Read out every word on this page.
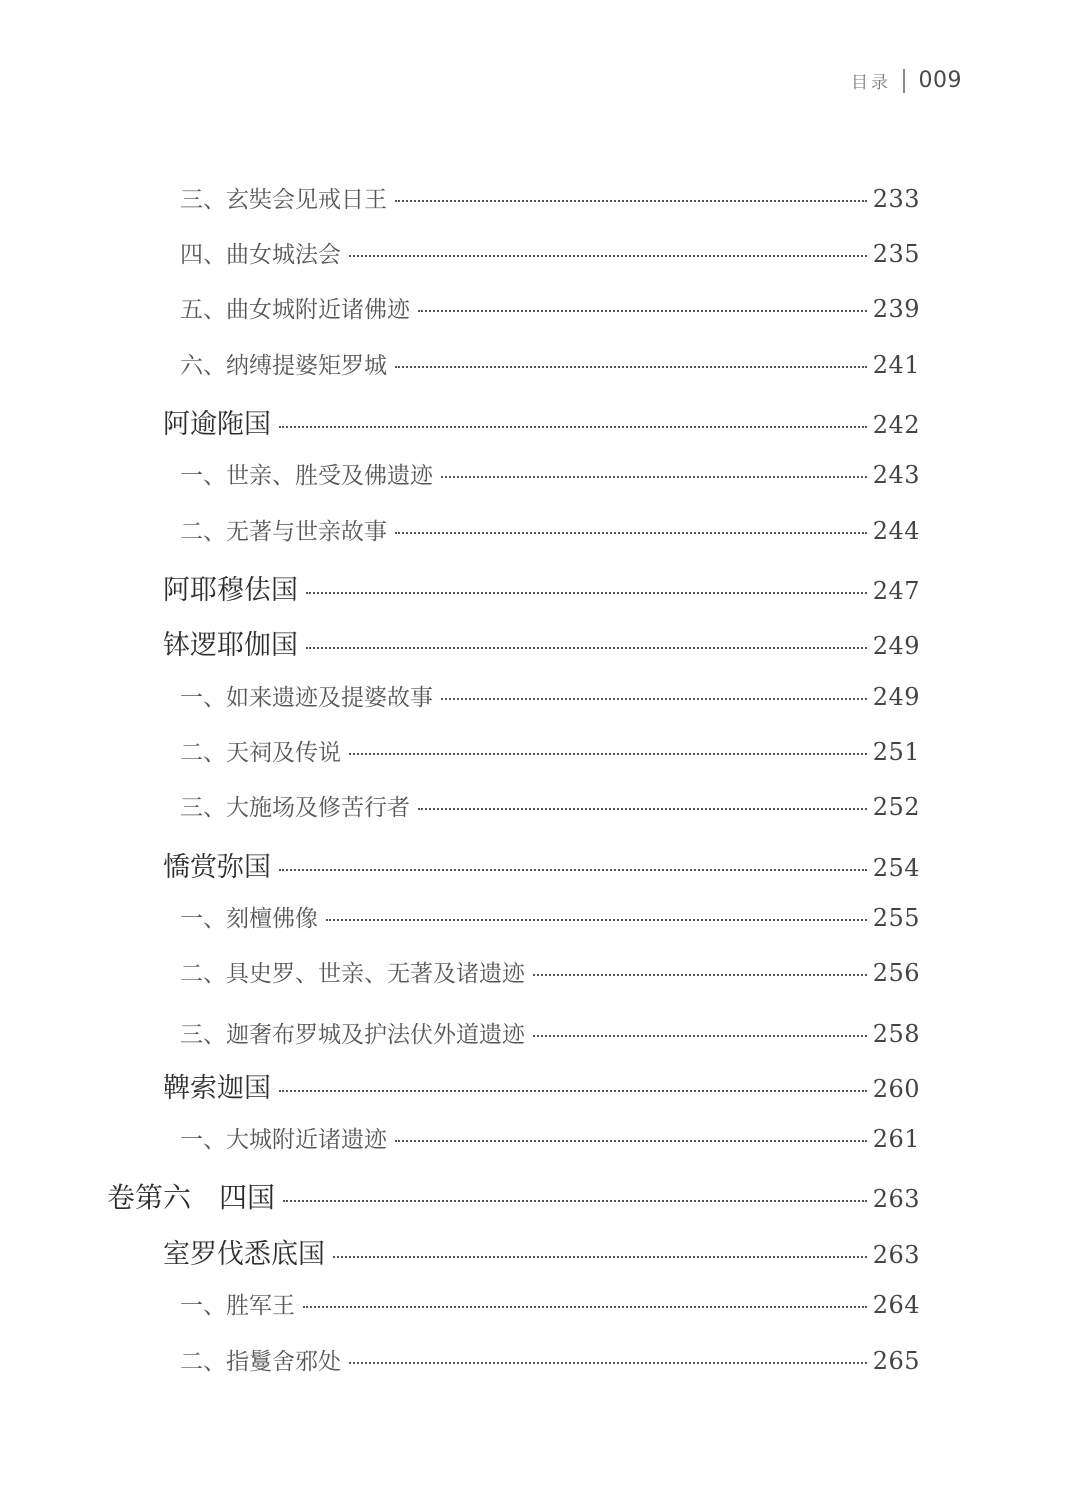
目录 009
三、玄奘会见戒日王	233
四、曲女城法会	235
五、曲女城附近诸佛迹	239
六、纳缚提婆矩罗城	241
阿逾陁国	242
一、世亲、胜受及佛遗迹	243
二、无著与世亲故事	244
阿耶穆佉国	247
钵逻耶伽国	249
一、如来遗迹及提婆故事	249
二、天祠及传说	251
三、大施场及修苦行者	252
憍赏弥国	254
一、刻檀佛像	255
二、具史罗、世亲、无著及诸遗迹	256
三、迦奢布罗城及护法伏外道遗迹	258
鞞索迦国	260
一、大城附近诸遗迹	261
卷第六　四国	263
室罗伐悉底国	263
一、胜军王	264
二、指鬘舍邪处	265
